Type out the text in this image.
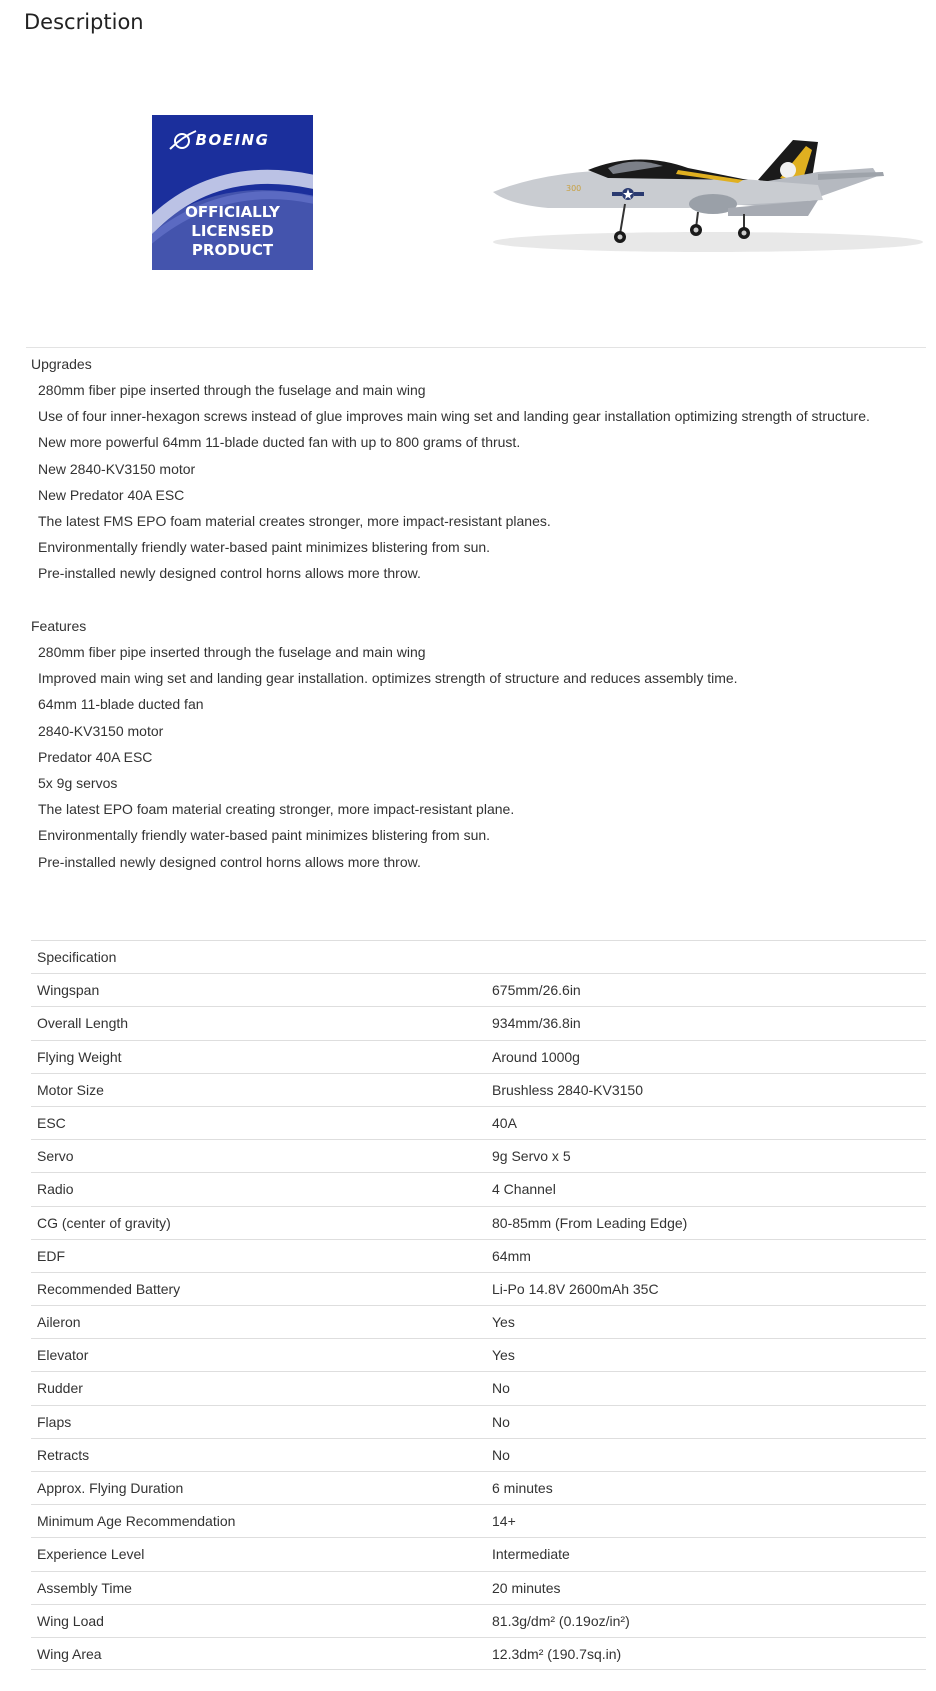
Description
BOEING
OFFICIALLY
LICENSED
PRODUCT
300
Upgrades
280mm fiber pipe inserted through the fuselage and main wing
Use of four inner-hexagon screws instead of glue improves main wing set and landing gear installation optimizing strength of structure.
New more powerful 64mm 11-blade ducted fan with up to 800 grams of thrust.
New 2840-KV3150 motor
New Predator 40A ESC
The latest FMS EPO foam material creates stronger, more impact-resistant planes.
Environmentally friendly water-based paint minimizes blistering from sun.
Pre-installed newly designed control horns allows more throw.
Features
280mm fiber pipe inserted through the fuselage and main wing
Improved main wing set and landing gear installation. optimizes strength of structure and reduces assembly time.
64mm 11-blade ducted fan
2840-KV3150 motor
Predator 40A ESC
5x 9g servos
The latest EPO foam material creating stronger, more impact-resistant plane.
Environmentally friendly water-based paint minimizes blistering from sun.
Pre-installed newly designed control horns allows more throw.
Specification
Wingspan	675mm/26.6in
Overall Length	934mm/36.8in
Flying Weight	Around 1000g
Motor Size	Brushless 2840-KV3150
ESC	40A
Servo	9g Servo x 5
Radio	4 Channel
CG (center of gravity)	80-85mm (From Leading Edge)
EDF	64mm
Recommended Battery	Li-Po 14.8V 2600mAh 35C
Aileron	Yes
Elevator	Yes
Rudder	No
Flaps	No
Retracts	No
Approx. Flying Duration	6 minutes
Minimum Age Recommendation	14+
Experience Level	Intermediate
Assembly Time	20 minutes
Wing Load	81.3g/dm² (0.19oz/in²)
Wing Area	12.3dm² (190.7sq.in)
